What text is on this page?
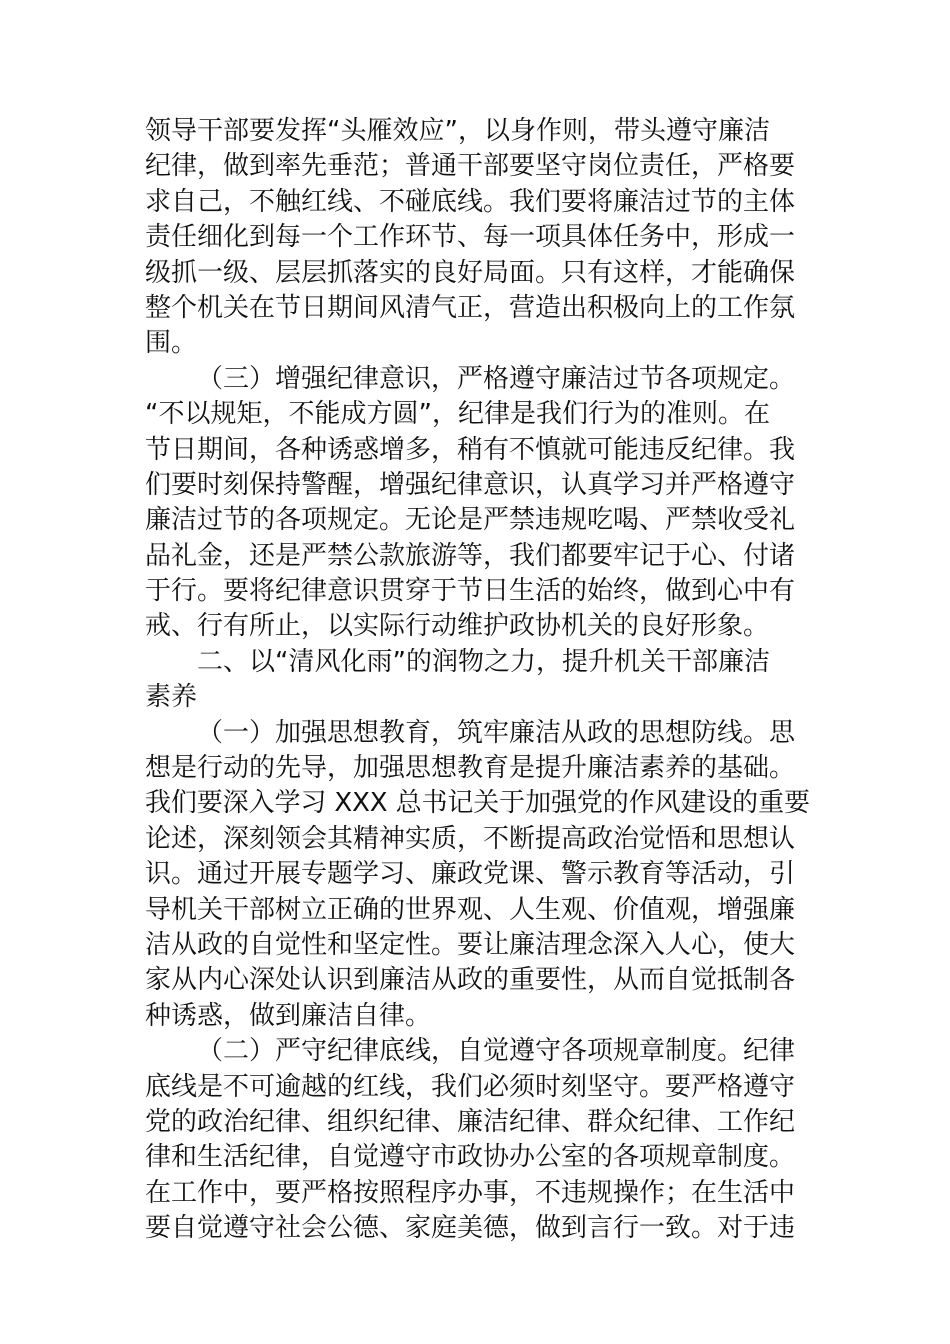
领导干部要发挥“头雁效应”，以身作则，带头遵守廉洁
纪律，做到率先垂范；普通干部要坚守岗位责任，严格要
求自己，不触红线、不碰底线。我们要将廉洁过节的主体
责任细化到每一个工作环节、每一项具体任务中，形成一
级抓一级、层层抓落实的良好局面。只有这样，才能确保
整个机关在节日期间风清气正，营造出积极向上的工作氛
围。
（三）增强纪律意识，严格遵守廉洁过节各项规定。
“不以规矩，不能成方圆”，纪律是我们行为的准则。在
节日期间，各种诱惑增多，稍有不慎就可能违反纪律。我
们要时刻保持警醒，增强纪律意识，认真学习并严格遵守
廉洁过节的各项规定。无论是严禁违规吃喝、严禁收受礼
品礼金，还是严禁公款旅游等，我们都要牢记于心、付诸
于行。要将纪律意识贯穿于节日生活的始终，做到心中有
戒、行有所止，以实际行动维护政协机关的良好形象。
二、以“清风化雨”的润物之力，提升机关干部廉洁
素养
（一）加强思想教育，筑牢廉洁从政的思想防线。思
想是行动的先导，加强思想教育是提升廉洁素养的基础。
我们要深入学习 XXX 总书记关于加强党的作风建设的重要
论述，深刻领会其精神实质，不断提高政治觉悟和思想认
识。通过开展专题学习、廉政党课、警示教育等活动，引
导机关干部树立正确的世界观、人生观、价值观，增强廉
洁从政的自觉性和坚定性。要让廉洁理念深入人心，使大
家从内心深处认识到廉洁从政的重要性，从而自觉抵制各
种诱惑，做到廉洁自律。
（二）严守纪律底线，自觉遵守各项规章制度。纪律
底线是不可逾越的红线，我们必须时刻坚守。要严格遵守
党的政治纪律、组织纪律、廉洁纪律、群众纪律、工作纪
律和生活纪律，自觉遵守市政协办公室的各项规章制度。
在工作中，要严格按照程序办事，不违规操作；在生活中
要自觉遵守社会公德、家庭美德，做到言行一致。对于违
